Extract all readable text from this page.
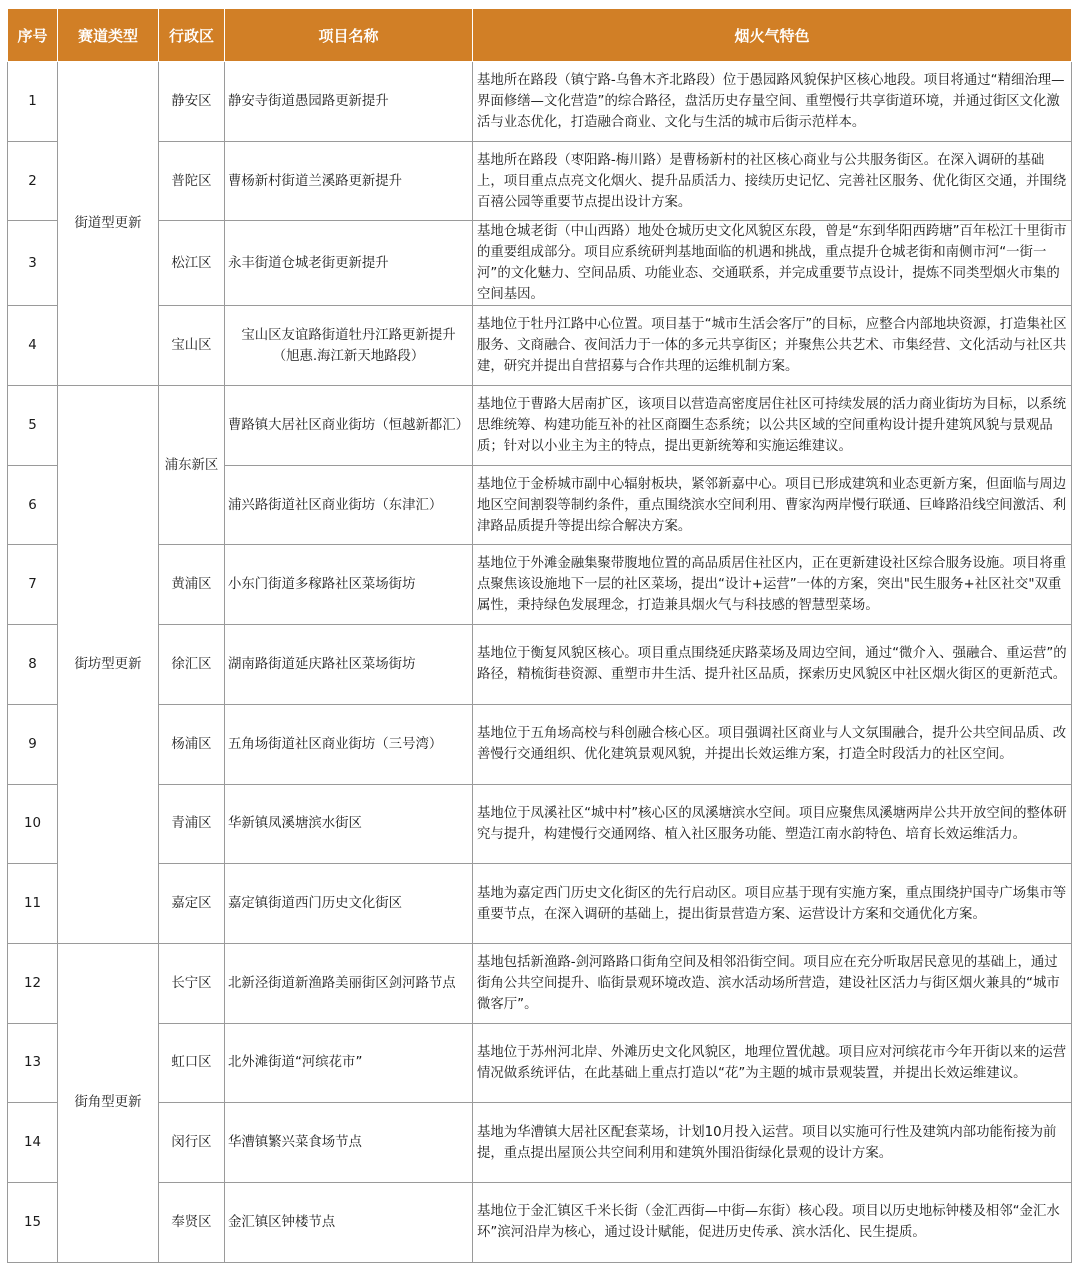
序号	赛道类型	行政区	项目名称	烟火气特色
1	街道型更新	静安区	静安寺街道愚园路更新提升	基地所在路段（镇宁路-乌鲁木齐北路段）位于愚园路风貌保护区核心地段。项目将通过“精细治理—界面修缮—文化营造”的综合路径，盘活历史存量空间、重塑慢行共享街道环境，并通过街区文化激活与业态优化，打造融合商业、文化与生活的城市后街示范样本。
2		普陀区	曹杨新村街道兰溪路更新提升	基地所在路段（枣阳路-梅川路）是曹杨新村的社区核心商业与公共服务街区。在深入调研的基础上，项目重点点亮文化烟火、提升品质活力、接续历史记忆、完善社区服务、优化街区交通，并围绕百禧公园等重要节点提出设计方案。
3		松江区	永丰街道仓城老街更新提升	基地仓城老街（中山西路）地处仓城历史文化风貌区东段，曾是“东到华阳西跨塘”百年松江十里街市的重要组成部分。项目应系统研判基地面临的机遇和挑战，重点提升仓城老街和南侧市河“一街一河”的文化魅力、空间品质、功能业态、交通联系，并完成重要节点设计，提炼不同类型烟火市集的空间基因。
4		宝山区	宝山区友谊路街道牡丹江路更新提升（旭惠.海江新天地路段）	基地位于牡丹江路中心位置。项目基于“城市生活会客厅”的目标，应整合内部地块资源，打造集社区服务、文商融合、夜间活力于一体的多元共享街区；并聚焦公共艺术、市集经营、文化活动与社区共建，研究并提出自营招募与合作共理的运维机制方案。
5	街坊型更新	浦东新区	曹路镇大居社区商业街坊（恒越新都汇）	基地位于曹路大居南扩区，该项目以营造高密度居住社区可持续发展的活力商业街坊为目标，以系统思维统筹、构建功能互补的社区商圈生态系统；以公共区域的空间重构设计提升建筑风貌与景观品质；针对以小业主为主的特点，提出更新统筹和实施运维建议。
6			浦兴路街道社区商业街坊（东津汇）	基地位于金桥城市副中心辐射板块，紧邻新嘉中心。项目已形成建筑和业态更新方案，但面临与周边地区空间割裂等制约条件，重点围绕滨水空间利用、曹家沟两岸慢行联通、巨峰路沿线空间激活、利津路品质提升等提出综合解决方案。
7		黄浦区	小东门街道多稼路社区菜场街坊	基地位于外滩金融集聚带腹地位置的高品质居住社区内，正在更新建设社区综合服务设施。项目将重点聚焦该设施地下一层的社区菜场，提出“设计+运营”一体的方案，突出"民生服务+社区社交"双重属性，秉持绿色发展理念，打造兼具烟火气与科技感的智慧型菜场。
8		徐汇区	湖南路街道延庆路社区菜场街坊	基地位于衡复风貌区核心。项目重点围绕延庆路菜场及周边空间，通过“微介入、强融合、重运营”的路径，精梳街巷资源、重塑市井生活、提升社区品质，探索历史风貌区中社区烟火街区的更新范式。
9		杨浦区	五角场街道社区商业街坊（三号湾）	基地位于五角场高校与科创融合核心区。项目强调社区商业与人文氛围融合，提升公共空间品质、改善慢行交通组织、优化建筑景观风貌，并提出长效运维方案，打造全时段活力的社区空间。
10		青浦区	华新镇凤溪塘滨水街区	基地位于凤溪社区“城中村”核心区的凤溪塘滨水空间。项目应聚焦凤溪塘两岸公共开放空间的整体研究与提升，构建慢行交通网络、植入社区服务功能、塑造江南水韵特色、培育长效运维活力。
11		嘉定区	嘉定镇街道西门历史文化街区	基地为嘉定西门历史文化街区的先行启动区。项目应基于现有实施方案，重点围绕护国寺广场集市等重要节点，在深入调研的基础上，提出街景营造方案、运营设计方案和交通优化方案。
12	街角型更新	长宁区	北新泾街道新渔路美丽街区剑河路节点	基地包括新渔路-剑河路路口街角空间及相邻沿街空间。项目应在充分听取居民意见的基础上，通过街角公共空间提升、临街景观环境改造、滨水活动场所营造，建设社区活力与街区烟火兼具的“城市微客厅”。
13		虹口区	北外滩街道“河缤花市”	基地位于苏州河北岸、外滩历史文化风貌区，地理位置优越。项目应对河缤花市今年开街以来的运营情况做系统评估，在此基础上重点打造以“花”为主题的城市景观装置，并提出长效运维建议。
14		闵行区	华漕镇繁兴菜食场节点	基地为华漕镇大居社区配套菜场，计划10月投入运营。项目以实施可行性及建筑内部功能衔接为前提，重点提出屋顶公共空间利用和建筑外围沿街绿化景观的设计方案。
15		奉贤区	金汇镇区钟楼节点	基地位于金汇镇区千米长街（金汇西街—中街—东街）核心段。项目以历史地标钟楼及相邻“金汇水环”滨河沿岸为核心，通过设计赋能，促进历史传承、滨水活化、民生提质。
